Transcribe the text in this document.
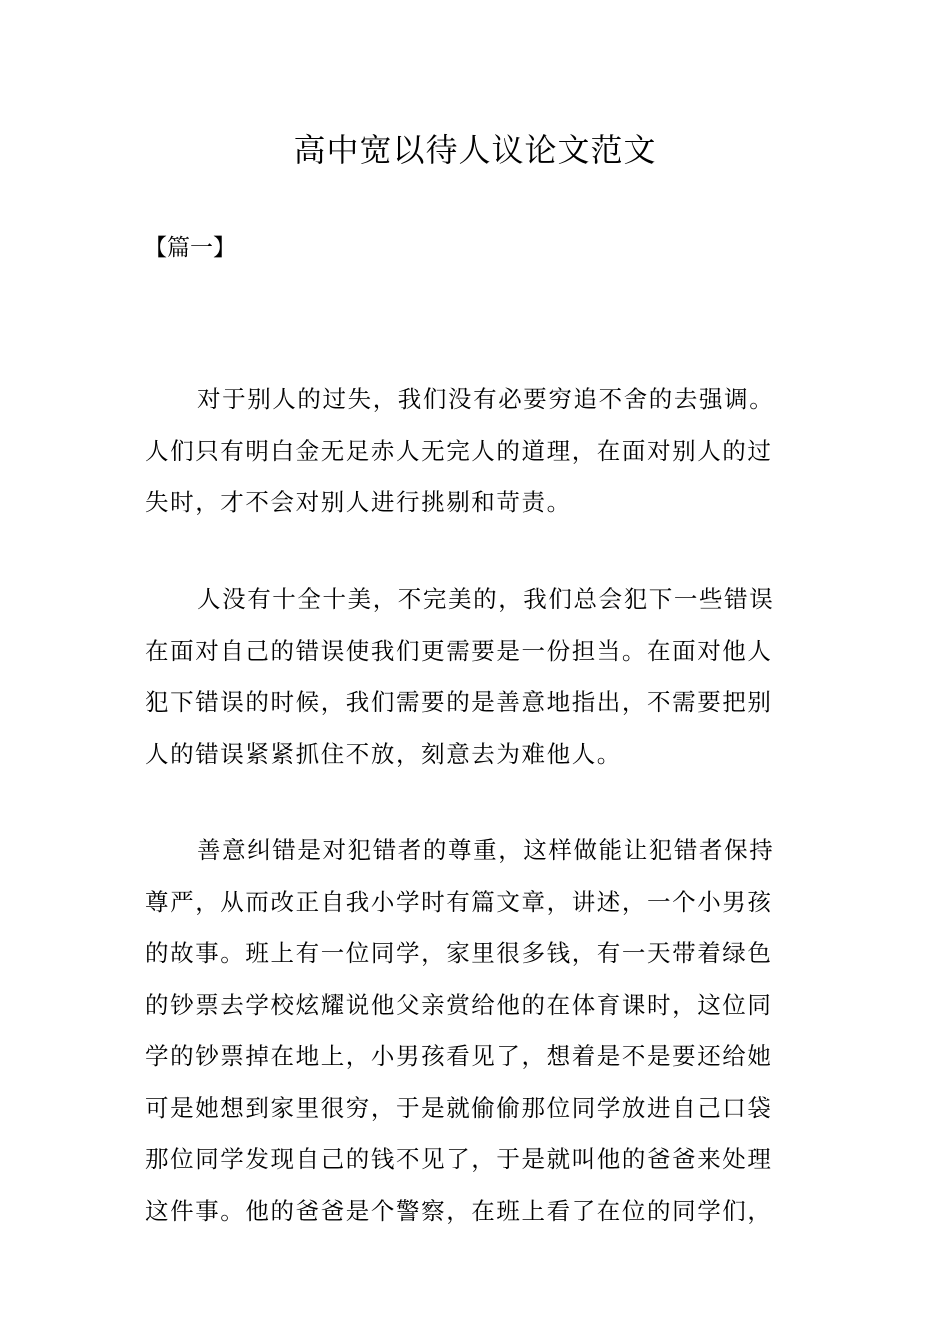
高中宽以待人议论文范文
【篇一】
对于别人的过失，我们没有必要穷追不舍的去强调。
人们只有明白金无足赤人无完人的道理，在面对别人的过
失时，才不会对别人进行挑剔和苛责。
人没有十全十美，不完美的，我们总会犯下一些错误
在面对自己的错误使我们更需要是一份担当。在面对他人
犯下错误的时候，我们需要的是善意地指出，不需要把别
人的错误紧紧抓住不放，刻意去为难他人。
善意纠错是对犯错者的尊重，这样做能让犯错者保持
尊严，从而改正自我小学时有篇文章，讲述，一个小男孩
的故事。班上有一位同学，家里很多钱，有一天带着绿色
的钞票去学校炫耀说他父亲赏给他的在体育课时，这位同
学的钞票掉在地上，小男孩看见了，想着是不是要还给她
可是她想到家里很穷，于是就偷偷那位同学放进自己口袋
那位同学发现自己的钱不见了，于是就叫他的爸爸来处理
这件事。他的爸爸是个警察，在班上看了在位的同学们，
